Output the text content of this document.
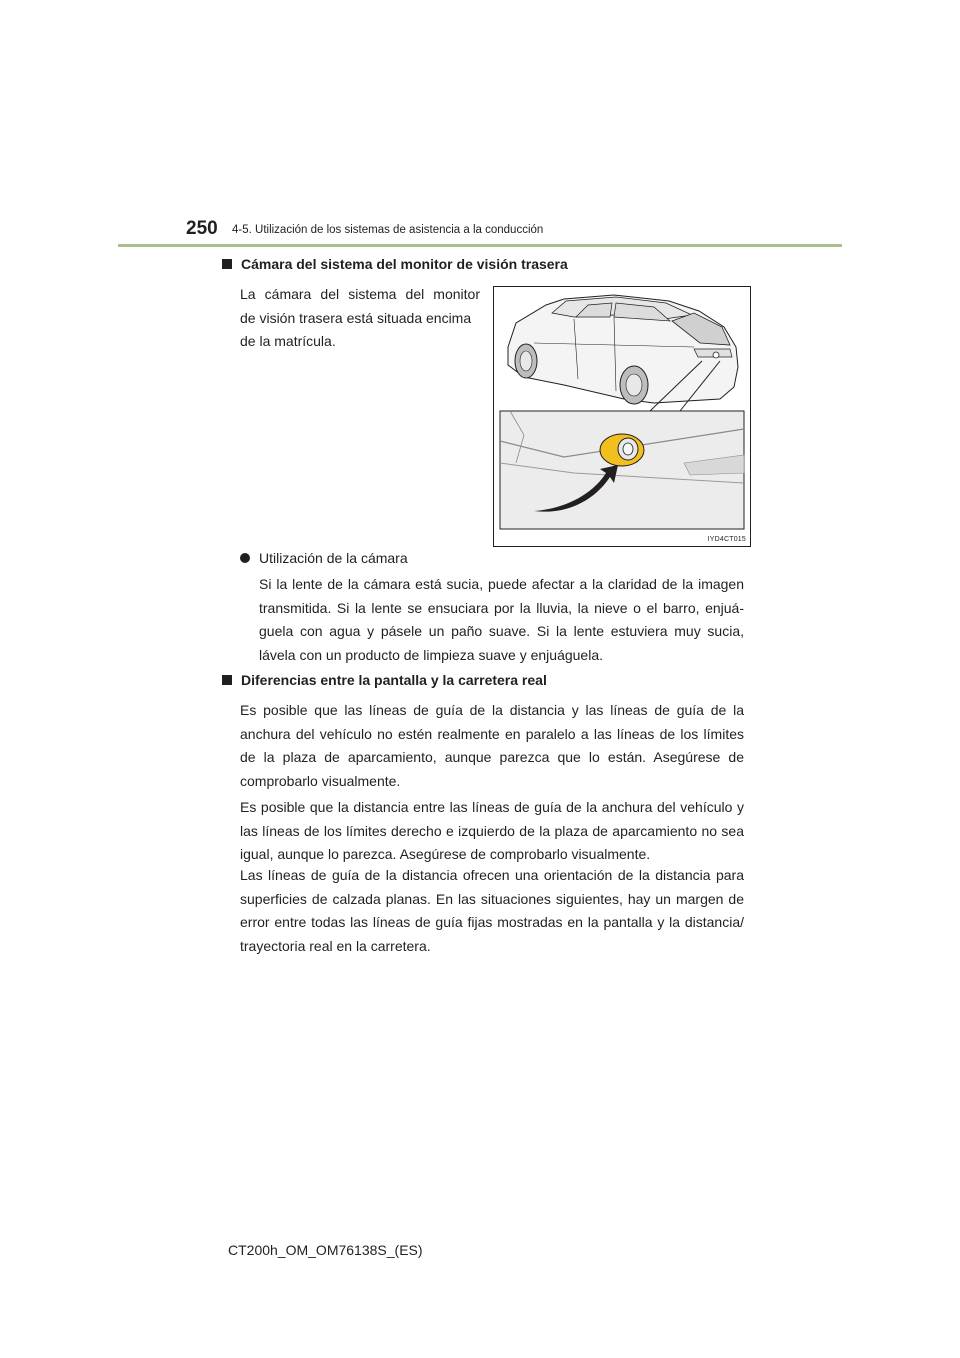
250 4-5. Utilización de los sistemas de asistencia a la conducción
Cámara del sistema del monitor de visión trasera
La cámara del sistema del monitor
de visión trasera está situada encima
de la matrícula.
IYD4CT015
Utilización de la cámara

Si la lente de la cámara está sucia, puede afectar a la claridad de la imagen transmitida. Si la lente se ensuciara por la lluvia, la nieve o el barro, enjuá-guela con agua y pásele un paño suave. Si la lente estuviera muy sucia, lávela con un producto de limpieza suave y enjuáguela.

Diferencias entre la pantalla y la carretera real

Es posible que las líneas de guía de la distancia y las líneas de guía de la anchura del vehículo no estén realmente en paralelo a las líneas de los límites de la plaza de aparcamiento, aunque parezca que lo están. Asegúrese de comprobarlo visualmente.

Es posible que la distancia entre las líneas de guía de la anchura del vehículo y las líneas de los límites derecho e izquierdo de la plaza de aparcamiento no sea igual, aunque lo parezca. Asegúrese de comprobarlo visualmente.

Las líneas de guía de la distancia ofrecen una orientación de la distancia para superficies de calzada planas. En las situaciones siguientes, hay un margen de error entre todas las líneas de guía fijas mostradas en la pantalla y la distancia/ trayectoria real en la carretera.

CT200h_OM_OM76138S_(ES)
